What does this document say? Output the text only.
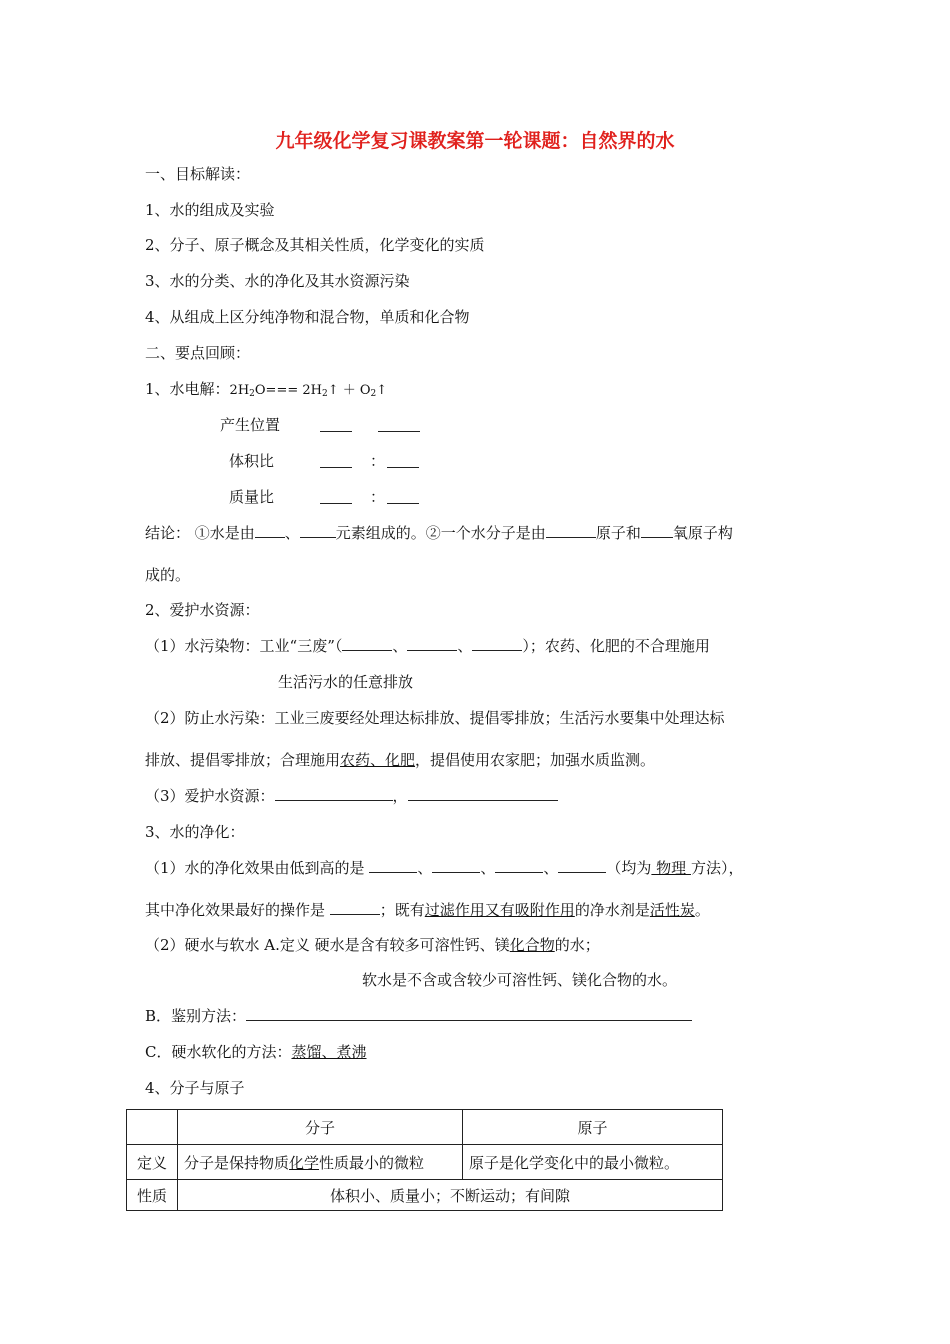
九年级化学复习课教案第一轮课题：自然界的水
一、目标解读：
1、水的组成及实验
2、分子、原子概念及其相关性质，化学变化的实质
3、水的分类、水的净化及其水资源污染
4、从组成上区分纯净物和混合物，单质和化合物
二、要点回顾：
1、水电解：$2H_2O===$ $2H_2↑$ ＋ $O_2↑$
产生位置
体积比	：
质量比	：
结论： ①水是由 、 元素组成的。②一个水分子是由	原子和 氧原子构
成的。
2、爱护水资源：
（1）水污染物：工业“三废”（	、	、	）；农药、化肥的不合理施用
生活污水的任意排放
（2）防止水污染：工业三废要经处理达标排放、提倡零排放；生活污水要集中处理达标
排放、提倡零排放；合理施用农药、化肥，提倡使用农家肥；加强水质监测。
（3）爱护水资源：	，
3、水的净化：
（1）水的净化效果由低到高的是	、	、	、	（均为 物理 方法），
其中净化效果最好的操作是	；既有过滤作用又有吸附作用的净水剂是活性炭。
（2）硬水与软水 A.定义 硬水是含有较多可溶性钙、镁化合物的水；
软水是不含或含较少可溶性钙、镁化合物的水。
B．鉴别方法：
C．硬水软化的方法：蒸馏、煮沸
4、分子与原子
	分子	原子
定义	分子是保持物质化学性质最小的微粒	原子是化学变化中的最小微粒。
性质	体积小、质量小；不断运动；有间隙	
